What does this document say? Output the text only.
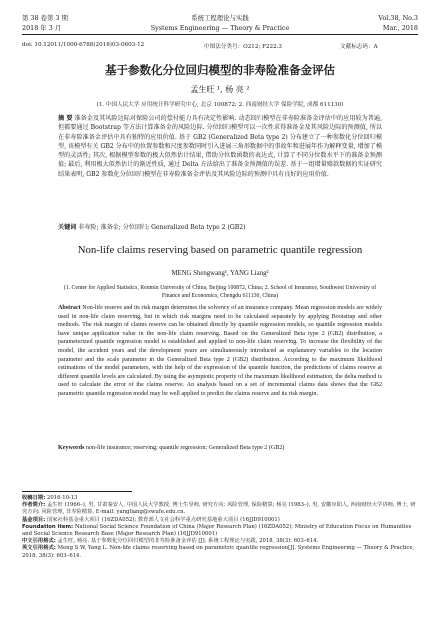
第 38 卷第 3 期	系统工程理论与实践	Vol.38, No.3
2018 年 3 月	Systems Engineering — Theory & Practice	Mar., 2018
doi: 10.12011/1000-6788(2018)03-0603-12	中图法分类号：O212; F222.3	文献标志码：A
基于参数化分位回归模型的非寿险准备金评估
孟生旺 ¹, 杨 亮 ²
(1. 中国人民大学 应用统计科学研究中心, 北京 100872; 2. 西南财经大学 保险学院, 成都 611130)
摘 要 准备金及其风险边际对保险公司的偿付能力具有决定性影响. 动态回归模型在非寿险准备金评估中的应用较为普遍, 但都要通过 Bootstrap 等方法计算准备金的风险边际. 分位回归模型可以一次性求得准备金及其风险边际的预测值, 所以在非寿险准备金评估中具有独特的应用价值. 基于 GB2 (Generalized Beta type 2) 分布建立了一种参数化分位回归模型, 该模型有关 GB2 分布中的位置参数和尺度参数同时引入进展三角形数据中的事故年和进展年作为解释变量, 增加了模型的灵活性; 其次, 根据模型参数的极大似然估计结果, 借助分位数函数的表达式, 计算了不同分位数水平下的准备金预测值; 最后, 利用极大似然估计的渐近性质, 通过 Delta 方法给出了准备金预测值的误差. 基于一组增量赔款数据的实证研究结果表明, GB2 参数化分位回归模型在非寿险准备金评估及其风险边际的预测中具有良好的应用价值.
关键词 非寿险; 准备金; 分位回归; Generalized Beta type 2 (GB2)
Non-life claims reserving based on parametric quantile regression
MENG Shengwang¹, YANG Liang²
(1. Center for Applied Statistics, Renmin University of China, Beijing 100872, China; 2. School of Insurance, Southwest University of Finance and Economics, Chengdu 611130, China)
Abstract Non-life reserve and its risk margin determines the solvency of an insurance company. Mean regression models are widely used in non-life claim reserving, but in which risk margins need to be calculated separately by applying Bootstrap and other methods. The risk margin of claims reserve can be obtained directly by quantile regression models, so quantile regression models have unique application value in the non-life claim reserving. Based on the Generalized Beta type 2 (GB2) distribution, a parameterized quantile regression model is established and applied to non-life claim reserving. To increase the flexibility of the model, the accident years and the development years are simultaneously introduced as explanatory variables to the location parameter and the scale parameter in the Generalized Beta type 2 (GB2) distribution. According to the maximum likelihood estimations of the model parameters, with the help of the expression of the quantile function, the predictions of claims reserve at different quantile levels are calculated. By using the asymptotic property of the maximum likelihood estimation, the delta method is used to calculate the error of the claims reserve. An analysis based on a set of incremental claims data shows that the GB2 parametric quantile regression model may be well applied to predict the claims reserve and its risk margin.
Keywords non-life insurance; reserving; quantile regression; Generalized Beta type 2 (GB2)
⠀

收稿日期: 2016-10-13

作者简介: 孟生旺 (1966–), 男, 甘肃秦安人, 中国人民大学教授, 博士生导师, 研究方向: 风险管理, 保险精算; 杨亮 (1983–), 男, 安徽阜阳人, 西南财经大学讲师, 博士, 研究方向: 风险管理, 非寿险精算, E-mail: yangliang@swufe.edu.cn.

基金项目: 国家社科基金重大项目 (16ZDA052); 教育部人文社会科学重点研究基地重大项目 (16JJD910001)

Foundation item: National Social Science Foundation of China (Major Research Plan) (16ZDA052); Ministry of Education Focus on Humanities and Social Science Research Base (Major Research Plan) (16JJD910001)

中文引用格式: 孟生旺, 杨亮. 基于参数化分位回归模型的非寿险准备金评估 [J]. 系统工程理论与实践, 2018, 38(3): 603–614.

英文引用格式: Meng S W, Yang L. Non-life claims reserving based on parametric quantile regression[J]. Systems Engineering — Theory & Practice, 2018, 38(3): 603–614.
